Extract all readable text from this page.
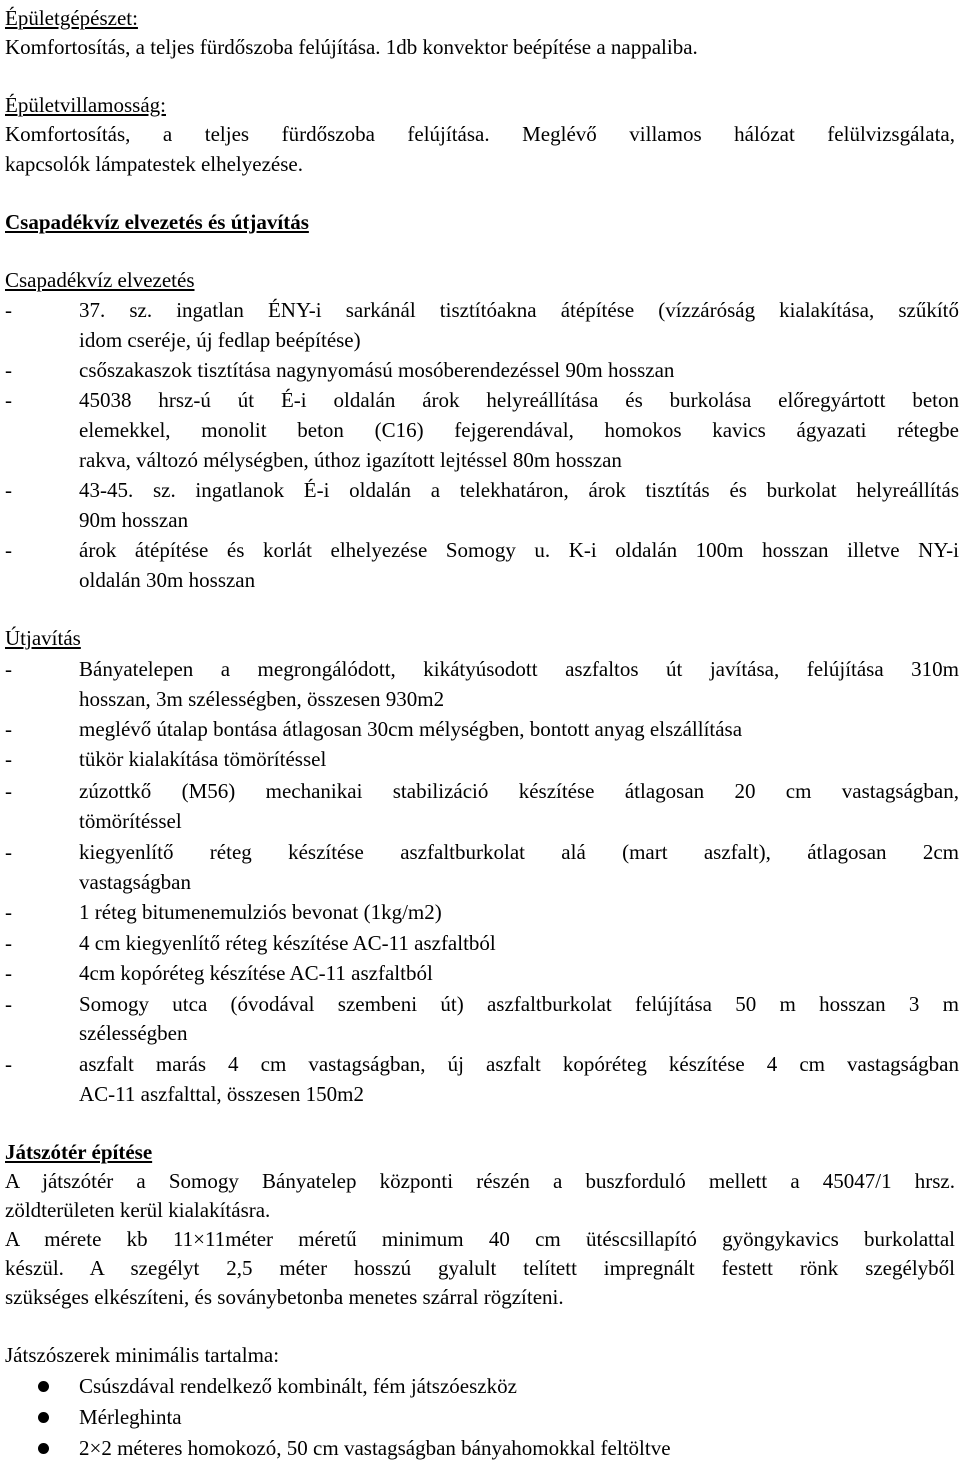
Épületgépészet:
Komfortosítás, a teljes fürdőszoba felújítása. 1db konvektor beépítése a nappaliba.
Épületvillamosság:
Komfortosítás, a teljes fürdőszoba felújítása. Meglévő villamos hálózat felülvizsgálata,
kapcsolók lámpatestek elhelyezése.
Csapadékvíz elvezetés és útjavítás
Csapadékvíz elvezetés
-	37. sz. ingatlan ÉNY-i sarkánál tisztítóakna átépítése (vízzáróság kialakítása, szűkítő
idom cseréje, új fedlap beépítése)
-	csőszakaszok tisztítása nagynyomású mosóberendezéssel 90m hosszan
-	45038 hrsz-ú út É-i oldalán árok helyreállítása és burkolása előregyártott beton
elemekkel, monolit beton (C16) fejgerendával, homokos kavics ágyazati rétegbe
rakva, változó mélységben, úthoz igazított lejtéssel 80m hosszan
-	43-45. sz. ingatlanok É-i oldalán a telekhatáron, árok tisztítás és burkolat helyreállítás
90m hosszan
-	árok átépítése és korlát elhelyezése Somogy u. K-i oldalán 100m hosszan illetve NY-i
oldalán 30m hosszan
Útjavítás
-	Bányatelepen a megrongálódott, kikátyúsodott aszfaltos út javítása, felújítása 310m
hosszan, 3m szélességben, összesen 930m2
-	meglévő útalap bontása átlagosan 30cm mélységben, bontott anyag elszállítása
-	tükör kialakítása tömörítéssel
-	zúzottkő (M56) mechanikai stabilizáció készítése átlagosan 20 cm vastagságban,
tömörítéssel
-	kiegyenlítő réteg készítése aszfaltburkolat alá (mart aszfalt), átlagosan 2cm
vastagságban
-	1 réteg bitumenemulziós bevonat (1kg/m2)
-	4 cm kiegyenlítő réteg készítése AC-11 aszfaltból
-	4cm kopóréteg készítése AC-11 aszfaltból
-	Somogy utca (óvodával szembeni út) aszfaltburkolat felújítása 50 m hosszan 3 m
szélességben
-	aszfalt marás 4 cm vastagságban, új aszfalt kopóréteg készítése 4 cm vastagságban
AC-11 aszfalttal, összesen 150m2
Játszótér építése
A játszótér a Somogy Bányatelep központi részén a buszforduló mellett a 45047/1 hrsz.
zöldterületen kerül kialakításra.
A mérete kb 11×11méter méretű minimum 40 cm ütéscsillapító gyöngykavics burkolattal
készül. A szegélyt 2,5 méter hosszú gyalult telített impregnált festett rönk szegélyből
szükséges elkészíteni, és soványbetonba menetes szárral rögzíteni.
Játszószerek minimális tartalma:
Csúszdával rendelkező kombinált, fém játszóeszköz
Mérleghinta
2×2 méteres homokozó, 50 cm vastagságban bányahomokkal feltöltve
